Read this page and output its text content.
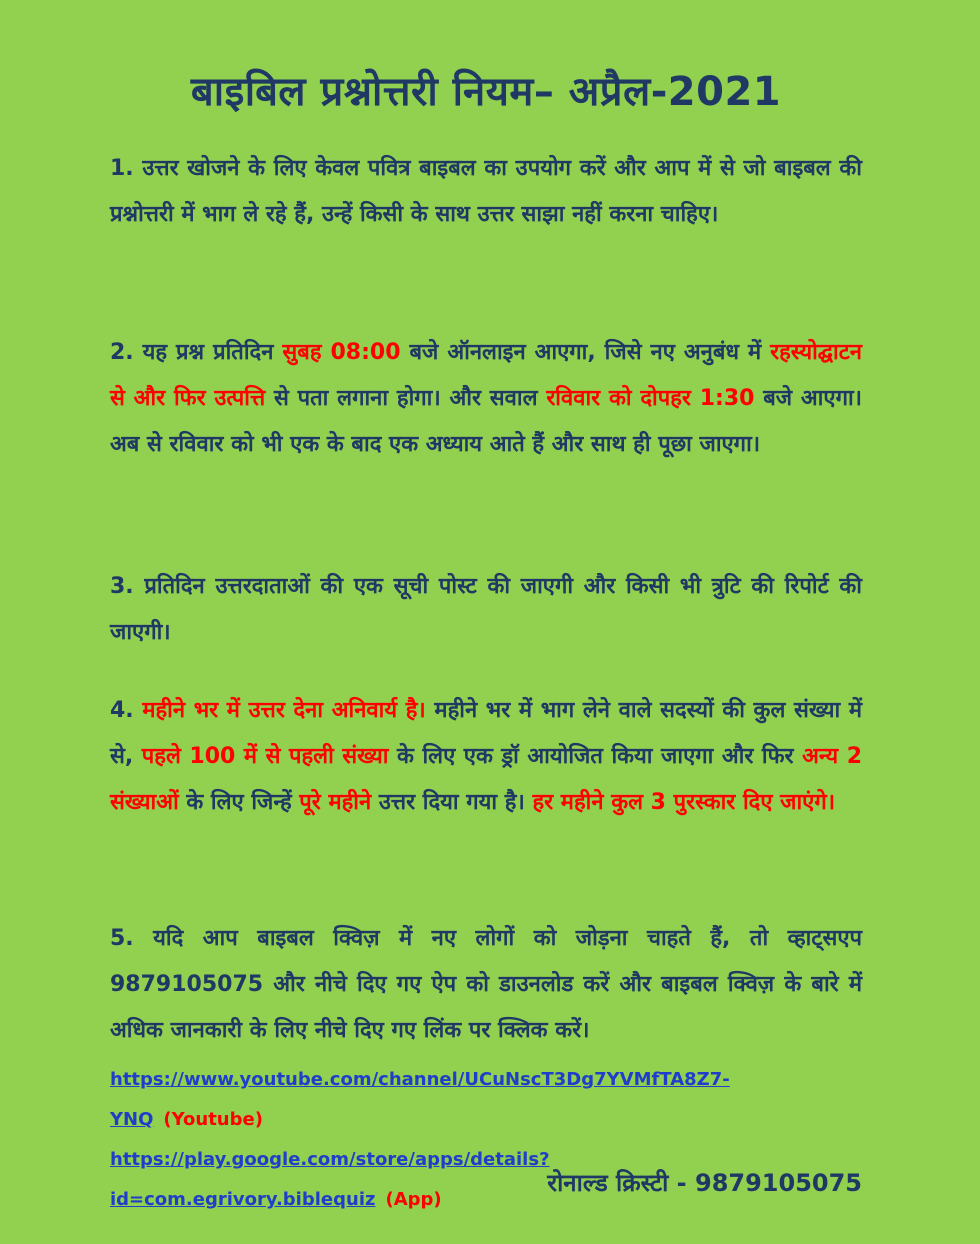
बाइबिल प्रश्नोत्तरी नियम– अप्रैल-2021

1. उत्तर खोजने के लिए केवल पवित्र बाइबल का उपयोग करें और आप में से जो बाइबल की प्रश्नोत्तरी में भाग ले रहे हैं, उन्हें किसी के साथ उत्तर साझा नहीं करना चाहिए।

2. यह प्रश्न प्रतिदिन सुबह 08:00 बजे ऑनलाइन आएगा, जिसे नए अनुबंध में रहस्योद्घाटन से और फिर उत्पत्ति से पता लगाना होगा। और सवाल रविवार को दोपहर 1:30 बजे आएगा। अब से रविवार को भी एक के बाद एक अध्याय आते हैं और साथ ही पूछा जाएगा।

3. प्रतिदिन उत्तरदाताओं की एक सूची पोस्ट की जाएगी और किसी भी त्रुटि की रिपोर्ट की जाएगी।

4. महीने भर में उत्तर देना अनिवार्य है। महीने भर में भाग लेने वाले सदस्यों की कुल संख्या में से, पहले 100 में से पहली संख्या के लिए एक ड्रॉ आयोजित किया जाएगा और फिर अन्य 2 संख्याओं के लिए जिन्हें पूरे महीने उत्तर दिया गया है। हर महीने कुल 3 पुरस्कार दिए जाएंगे।

5. यदि आप बाइबल क्विज़ में नए लोगों को जोड़ना चाहते हैं, तो व्हाट्सएप 9879105075 और नीचे दिए गए ऐप को डाउनलोड करें और बाइबल क्विज़ के बारे में अधिक जानकारी के लिए नीचे दिए गए लिंक पर क्लिक करें।

https://www.youtube.com/channel/UCuNscT3Dg7YVMfTA8Z7-YNQ (Youtube)
https://play.google.com/store/apps/details?id=com.egrivory.biblequiz (App)
रोनाल्ड क्रिस्टी - 9879105075
